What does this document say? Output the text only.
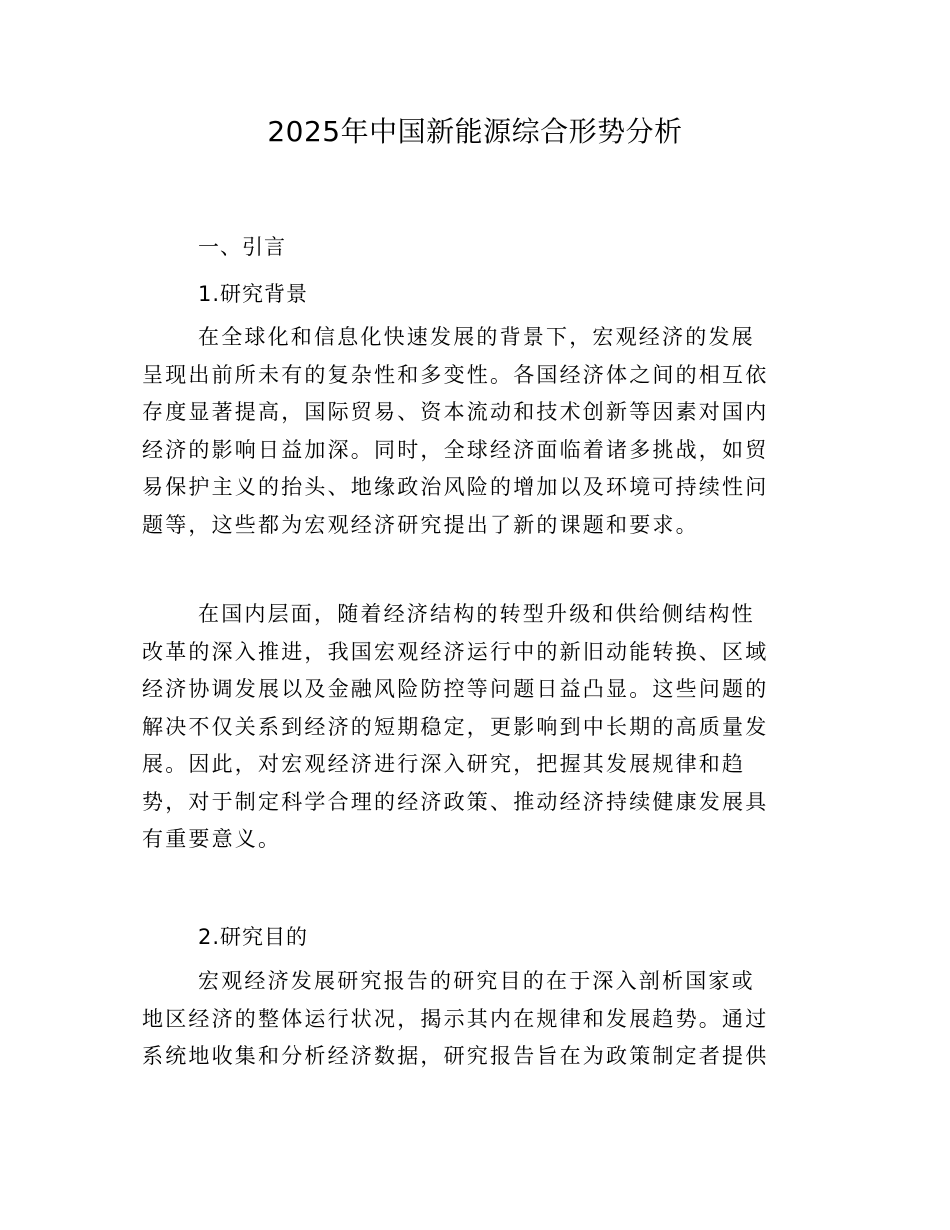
2025年中国新能源综合形势分析
一、引言
1.研究背景
在全球化和信息化快速发展的背景下，宏观经济的发展
呈现出前所未有的复杂性和多变性。各国经济体之间的相互依
存度显著提高，国际贸易、资本流动和技术创新等因素对国内
经济的影响日益加深。同时，全球经济面临着诸多挑战，如贸
易保护主义的抬头、地缘政治风险的增加以及环境可持续性问
题等，这些都为宏观经济研究提出了新的课题和要求。
在国内层面，随着经济结构的转型升级和供给侧结构性
改革的深入推进，我国宏观经济运行中的新旧动能转换、区域
经济协调发展以及金融风险防控等问题日益凸显。这些问题的
解决不仅关系到经济的短期稳定，更影响到中长期的高质量发
展。因此，对宏观经济进行深入研究，把握其发展规律和趋
势，对于制定科学合理的经济政策、推动经济持续健康发展具
有重要意义。
2.研究目的
宏观经济发展研究报告的研究目的在于深入剖析国家或
地区经济的整体运行状况，揭示其内在规律和发展趋势。通过
系统地收集和分析经济数据，研究报告旨在为政策制定者提供
